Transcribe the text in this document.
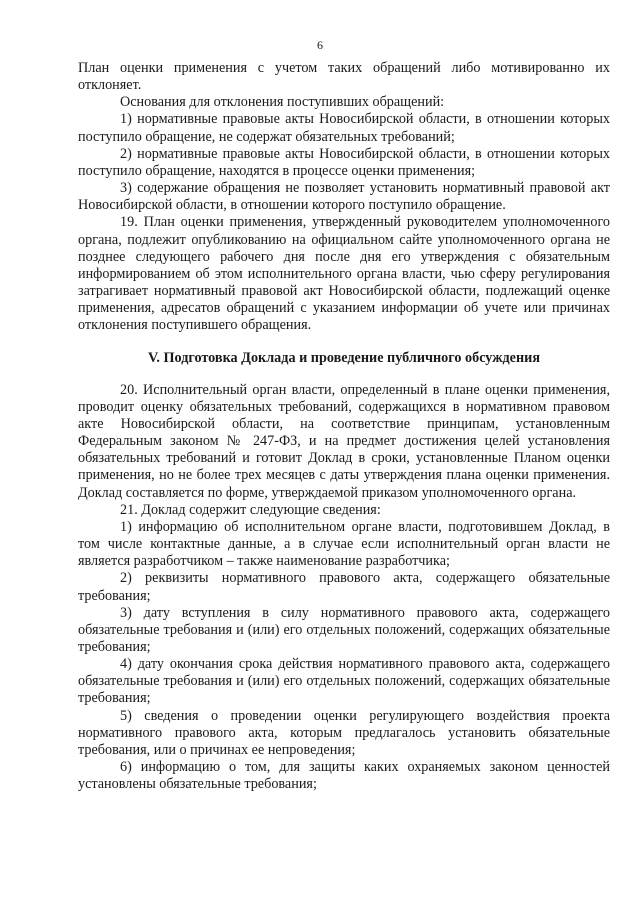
6

План оценки применения с учетом таких обращений либо мотивированно их отклоняет.

Основания для отклонения поступивших обращений:

1) нормативные правовые акты Новосибирской области, в отношении которых поступило обращение, не содержат обязательных требований;

2) нормативные правовые акты Новосибирской области, в отношении которых поступило обращение, находятся в процессе оценки применения;

3) содержание обращения не позволяет установить нормативный правовой акт Новосибирской области, в отношении которого поступило обращение.

19. План оценки применения, утвержденный руководителем уполномоченного органа, подлежит опубликованию на официальном сайте уполномоченного органа не позднее следующего рабочего дня после дня его утверждения с обязательным информированием об этом исполнительного органа власти, чью сферу регулирования затрагивает нормативный правовой акт Новосибирской области, подлежащий оценке применения, адресатов обращений с указанием информации об учете или причинах отклонения поступившего обращения.

V. Подготовка Доклада и проведение публичного обсуждения

20. Исполнительный орган власти, определенный в плане оценки применения, проводит оценку обязательных требований, содержащихся в нормативном правовом акте Новосибирской области, на соответствие принципам, установленным Федеральным законом № 247-ФЗ, и на предмет достижения целей установления обязательных требований и готовит Доклад в сроки, установленные Планом оценки применения, но не более трех месяцев с даты утверждения плана оценки применения. Доклад составляется по форме, утверждаемой приказом уполномоченного органа.

21. Доклад содержит следующие сведения:

1) информацию об исполнительном органе власти, подготовившем Доклад, в том числе контактные данные, а в случае если исполнительный орган власти не является разработчиком – также наименование разработчика;

2) реквизиты нормативного правового акта, содержащего обязательные требования;

3) дату вступления в силу нормативного правового акта, содержащего обязательные требования и (или) его отдельных положений, содержащих обязательные требования;

4) дату окончания срока действия нормативного правового акта, содержащего обязательные требования и (или) его отдельных положений, содержащих обязательные требования;

5) сведения о проведении оценки регулирующего воздействия проекта нормативного правового акта, которым предлагалось установить обязательные требования, или о причинах ее непроведения;

6) информацию о том, для защиты каких охраняемых законом ценностей установлены обязательные требования;
